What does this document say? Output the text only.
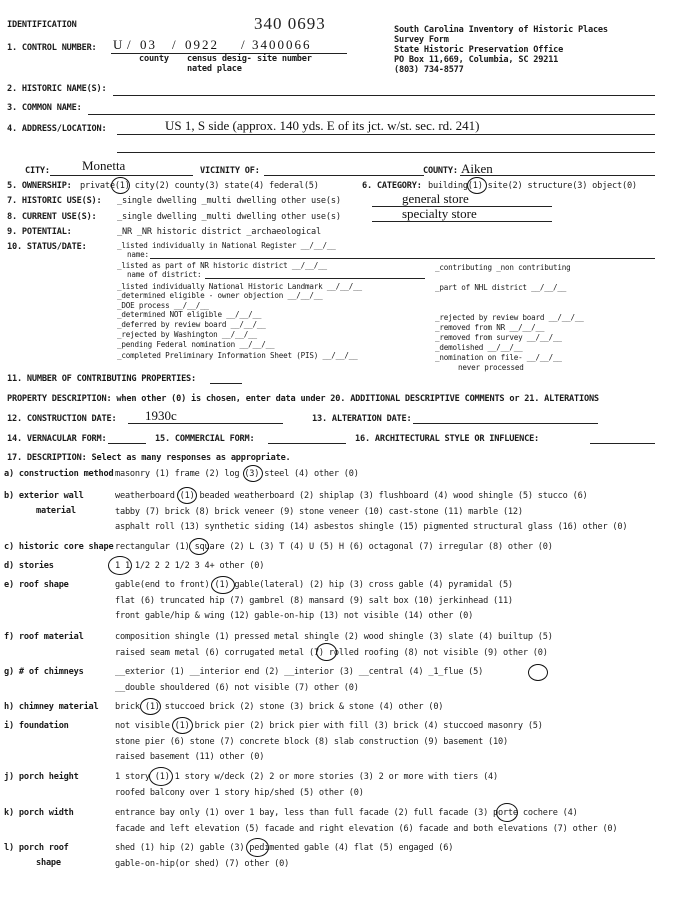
IDENTIFICATION	340 0693	South Carolina Inventory of Historic Places
Survey Form
State Historic Preservation Office
PO Box 11,669, Columbia, SC 29211
(803) 734-8577
1. CONTROL NUMBER: U / 03 / 0922 / 3400066
county census desig-
nated place
site number
2. HISTORIC NAME(S):
3. COMMON NAME:
4. ADDRESS/LOCATION:	US 1, S side (approx. 140 yds. E of its jct. w/st. sec. rd. 241)
CITY: Monetta	VICINITY OF:	COUNTY: Aiken
5. OWNERSHIP: private(1) city(2) county(3) state(4) federal(5)	6. CATEGORY: building(1) site(2) structure(3) object(0)
7. HISTORIC USE(S): _single dwelling _multi dwelling other use(s)	general store
8. CURRENT USE(S): _single dwelling _multi dwelling other use(s)	specialty store
9. POTENTIAL:	_NR _NR historic district _archaeological
10. STATUS/DATE:	_listed individually in National Register __/__/__
name:
_listed as part of NR historic district __/__/__
name of district:
_listed individually National Historic Landmark __/__/__
_determined eligible - owner objection __/__/__
_DOE process __/__/__
_determined NOT eligible __/__/__
_deferred by review board __/__/__
_rejected by Washington __/__/__
_pending Federal nomination __/__/__
_completed Preliminary Information Sheet (PIS) __/__/__
_contributing _non contributing
_part of NHL district __/__/__
_rejected by review board __/__/__
_removed from NR __/__/__
_removed from survey __/__/__
_demolished __/__/__
_nomination on file- __/__/__
never processed
11. NUMBER OF CONTRIBUTING PROPERTIES:
PROPERTY DESCRIPTION: when other (0) is chosen, enter data under 20. ADDITIONAL DESCRIPTIVE COMMENTS or 21. ALTERATIONS
12. CONSTRUCTION DATE: 1930c	13. ALTERATION DATE:
14. VERNACULAR FORM:	15. COMMERCIAL FORM:	16. ARCHITECTURAL STYLE OR INFLUENCE:
17. DESCRIPTION: Select as many responses as appropriate.
a) construction method masonry (1) frame (2) log (3) steel (4) other (0)
b) exterior wall
material
weatherboard (1) beaded weatherboard (2) shiplap (3) flushboard (4) wood shingle (5) stucco (6)
tabby (7) brick (8) brick veneer (9) stone veneer (10) cast-stone (11) marble (12)
asphalt roll (13) synthetic siding (14) asbestos shingle (15) pigmented structural glass (16) other (0)
c) historic core shape rectangular (1) square (2) L (3) T (4) U (5) H (6) octagonal (7) irregular (8) other (0)
d) stories	1 1 1/2 2 2 1/2 3 4+ other (0)
e) roof shape	gable(end to front) (1) gable(lateral) (2) hip (3) cross gable (4) pyramidal (5)
flat (6) truncated hip (7) gambrel (8) mansard (9) salt box (10) jerkinhead (11)
front gable/hip & wing (12) gable-on-hip (13) not visible (14) other (0)
f) roof material	composition shingle (1) pressed metal shingle (2) wood shingle (3) slate (4) builtup (5)
raised seam metal (6) corrugated metal (7) rolled roofing (8) not visible (9) other (0)
g) # of chimneys	__exterior (1) __interior end (2) __interior (3) __central (4) _1_flue (5)
__double shouldered (6) not visible (7) other (0)
h) chimney material brick (1) stuccoed brick (2) stone (3) brick & stone (4) other (0)
i) foundation	not visible (1) brick pier (2) brick pier with fill (3) brick (4) stuccoed masonry (5)
stone pier (6) stone (7) concrete block (8) slab construction (9) basement (10)
raised basement (11) other (0)
j) porch height	1 story (1) 1 story w/deck (2) 2 or more stories (3) 2 or more with tiers (4)
roofed balcony over 1 story hip/shed (5) other (0)
k) porch width	entrance bay only (1) over 1 bay, less than full facade (2) full facade (3) porte cochere (4)
facade and left elevation (5) facade and right elevation (6) facade and both elevations (7) other (0)
l) porch roof
shape
shed (1) hip (2) gable (3) pedimented gable (4) flat (5) engaged (6)
gable-on-hip(or shed) (7) other (0)
